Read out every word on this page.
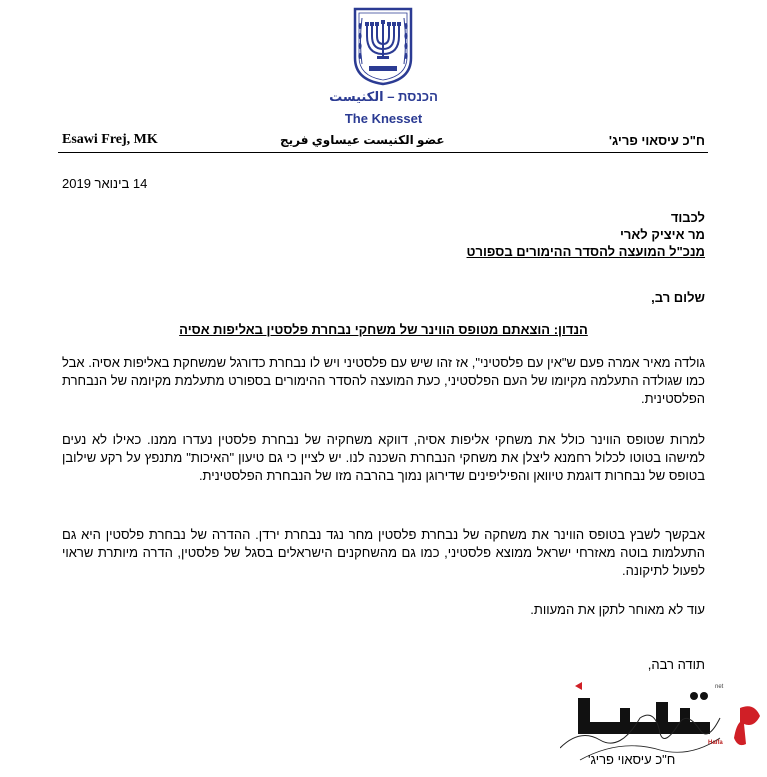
הכנסת – الكنيست
The Knesset
Esawi Frej, MK	عضو الكنيست عيساوي فريج	ח"כ עיסאוי פריג'
14 בינואר 2019
לכבוד
מר איציק לארי
מנכ"ל המועצה להסדר ההימורים בספורט
שלום רב,
הנדון: הוצאתם מטופס הווינר של משחקי נבחרת פלסטין באליפות אסיה
גולדה מאיר אמרה פעם ש"אין עם פלסטיני", אז זהו שיש עם פלסטיני ויש לו נבחרת כדורגל שמשחקת באליפות אסיה. אבל כמו שגולדה התעלמה מקיומו של העם הפלסטיני, כעת המועצה להסדר ההימורים בספורט מתעלמת מקיומה של הנבחרת הפלסטינית.
למרות שטופס הווינר כולל את משחקי אליפות אסיה, דווקא משחקיה של נבחרת פלסטין נעדרו ממנו. כאילו לא נעים למישהו בטוטו לכלול רחמנא ליצלן את משחקי הנבחרת השכנה לנו. יש לציין כי גם טיעון "האיכות" מתנפץ על רקע שילובן בטופס של נבחרות דוגמת טיוואן והפיליפינים שדירוגן נמוך בהרבה מזו של הנבחרת הפלסטינית.
אבקשך לשבץ בטופס הווינר את משחקה של נבחרת פלסטין מחר נגד נבחרת ירדן. ההדרה של נבחרת פלסטין היא גם התעלמות בוטה מאזרחי ישראל ממוצא פלסטיני, כמו גם מהשחקנים הישראלים בסגל של פלסטין, הדרה מיותרת שראוי לפעול לתיקונה.
עוד לא מאוחר לתקן את המעוות.
תודה רבה,
net
Haifa
ח"כ עיסאוי פריג'
